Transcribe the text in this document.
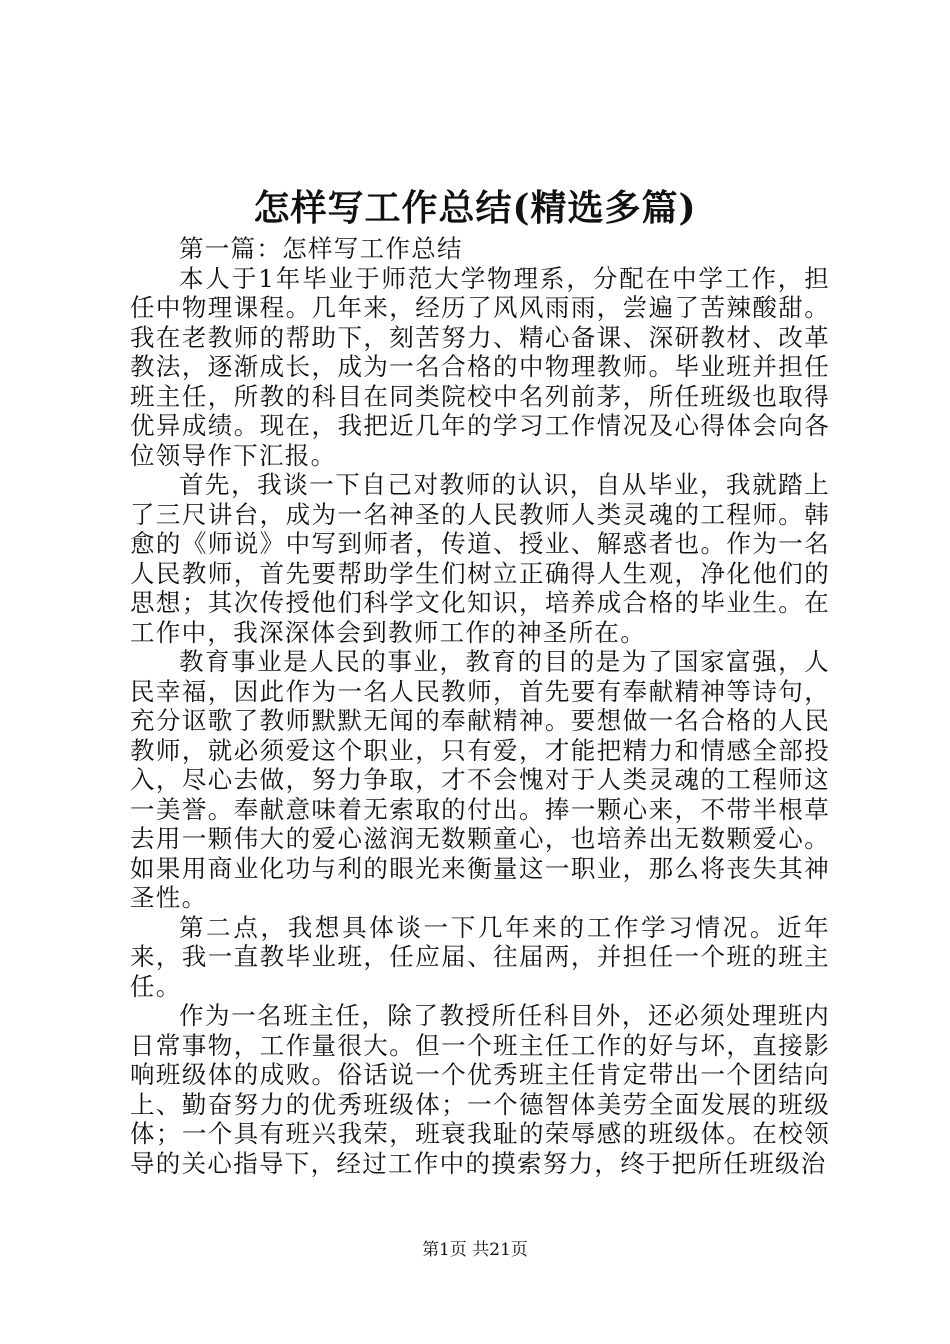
怎样写工作总结(精选多篇)

第一篇：怎样写工作总结

本人于1年毕业于师范大学物理系，分配在中学工作，担任中物理课程。几年来，经历了风风雨雨，尝遍了苦辣酸甜。我在老教师的帮助下，刻苦努力、精心备课、深研教材、改革教法，逐渐成长，成为一名合格的中物理教师。毕业班并担任班主任，所教的科目在同类院校中名列前茅，所任班级也取得优异成绩。现在，我把近几年的学习工作情况及心得体会向各位领导作下汇报。

首先，我谈一下自己对教师的认识，自从毕业，我就踏上了三尺讲台，成为一名神圣的人民教师人类灵魂的工程师。韩愈的《师说》中写到师者，传道、授业、解惑者也。作为一名人民教师，首先要帮助学生们树立正确得人生观，净化他们的思想；其次传授他们科学文化知识，培养成合格的毕业生。在工作中，我深深体会到教师工作的神圣所在。

教育事业是人民的事业，教育的目的是为了国家富强，人民幸福，因此作为一名人民教师，首先要有奉献精神等诗句，充分讴歌了教师默默无闻的奉献精神。要想做一名合格的人民教师，就必须爱这个职业，只有爱，才能把精力和情感全部投入，尽心去做，努力争取，才不会愧对于人类灵魂的工程师这一美誉。奉献意味着无索取的付出。捧一颗心来，不带半根草去用一颗伟大的爱心滋润无数颗童心，也培养出无数颗爱心。如果用商业化功与利的眼光来衡量这一职业，那么将丧失其神圣性。

第二点，我想具体谈一下几年来的工作学习情况。近年来，我一直教毕业班，任应届、往届两，并担任一个班的班主任。

作为一名班主任，除了教授所任科目外，还必须处理班内日常事物，工作量很大。但一个班主任工作的好与坏，直接影响班级体的成败。俗话说一个优秀班主任肯定带出一个团结向上、勤奋努力的优秀班级体；一个德智体美劳全面发展的班级体；一个具有班兴我荣，班衰我耻的荣辱感的班级体。在校领导的关心指导下，经过工作中的摸索努力，终于把所任班级治

第1页 共21页
